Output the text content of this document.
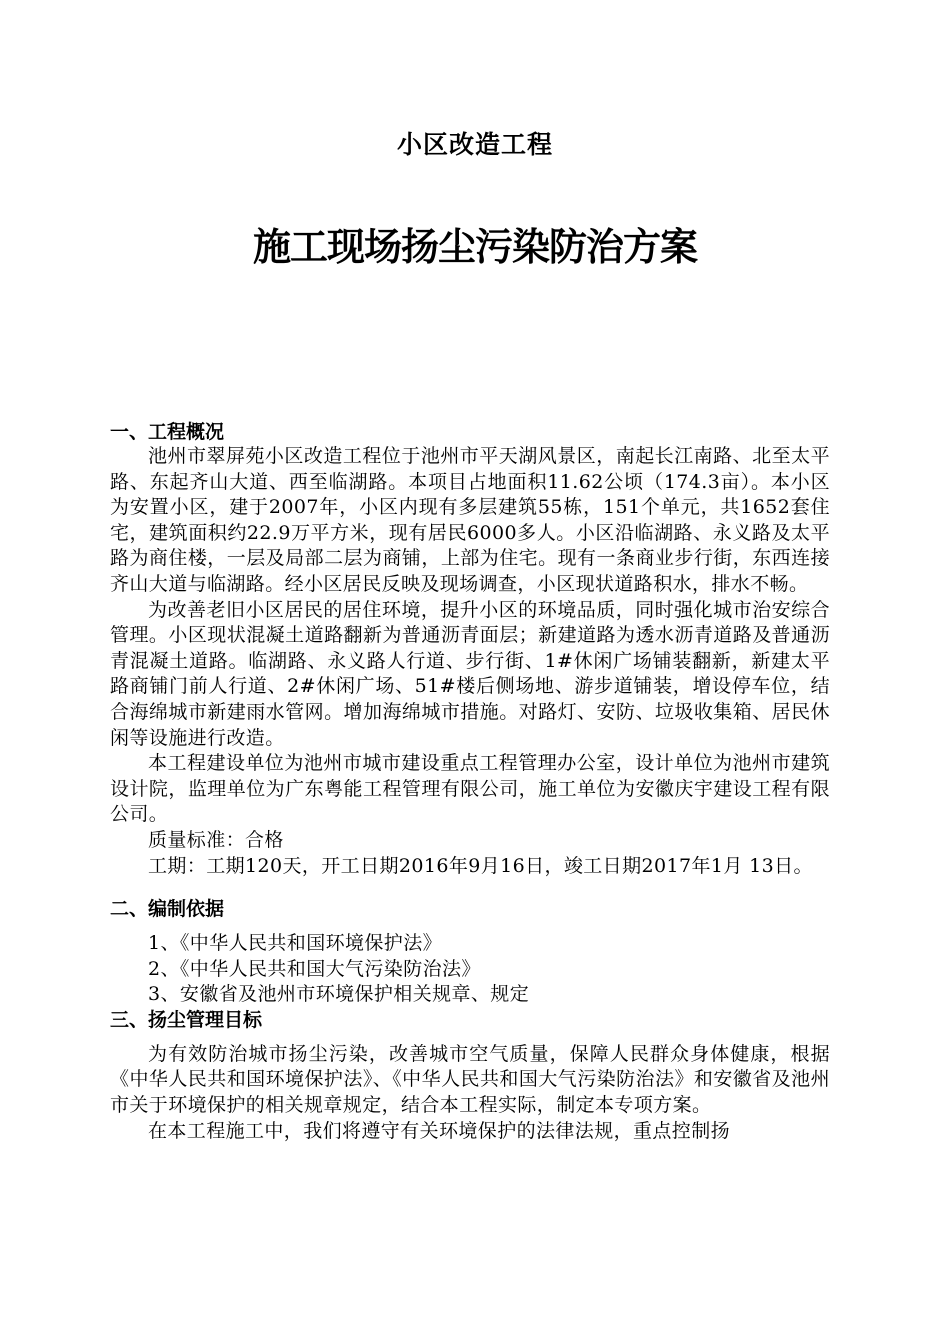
小区改造工程
施工现场扬尘污染防治方案
一、工程概况

池州市翠屏苑小区改造工程位于池州市平天湖风景区，南起长江南路、北至太平路、东起齐山大道、西至临湖路。本项目占地面积11.62公顷（174.3亩）。本小区为安置小区，建于2007年，小区内现有多层建筑55栋，151个单元，共1652套住宅，建筑面积约22.9万平方米，现有居民6000多人。小区沿临湖路、永义路及太平路为商住楼，一层及局部二层为商铺，上部为住宅。现有一条商业步行街，东西连接齐山大道与临湖路。经小区居民反映及现场调查，小区现状道路积水，排水不畅。

为改善老旧小区居民的居住环境，提升小区的环境品质，同时强化城市治安综合管理。小区现状混凝土道路翻新为普通沥青面层；新建道路为透水沥青道路及普通沥青混凝土道路。临湖路、永义路人行道、步行街、1#休闲广场铺装翻新，新建太平路商铺门前人行道、2#休闲广场、51#楼后侧场地、游步道铺装，增设停车位，结合海绵城市新建雨水管网。增加海绵城市措施。对路灯、安防、垃圾收集箱、居民休闲等设施进行改造。

本工程建设单位为池州市城市建设重点工程管理办公室，设计单位为池州市建筑设计院，监理单位为广东粤能工程管理有限公司，施工单位为安徽庆宇建设工程有限公司。

质量标准：合格

工期：工期120天，开工日期2016年9月16日，竣工日期2017年1月 13日。

二、编制依据

1、《中华人民共和国环境保护法》

2、《中华人民共和国大气污染防治法》

3、安徽省及池州市环境保护相关规章、规定

三、扬尘管理目标

为有效防治城市扬尘污染，改善城市空气质量，保障人民群众身体健康，根据《中华人民共和国环境保护法》、《中华人民共和国大气污染防治法》和安徽省及池州市关于环境保护的相关规章规定，结合本工程实际，制定本专项方案。

在本工程施工中，我们将遵守有关环境保护的法律法规，重点控制扬
